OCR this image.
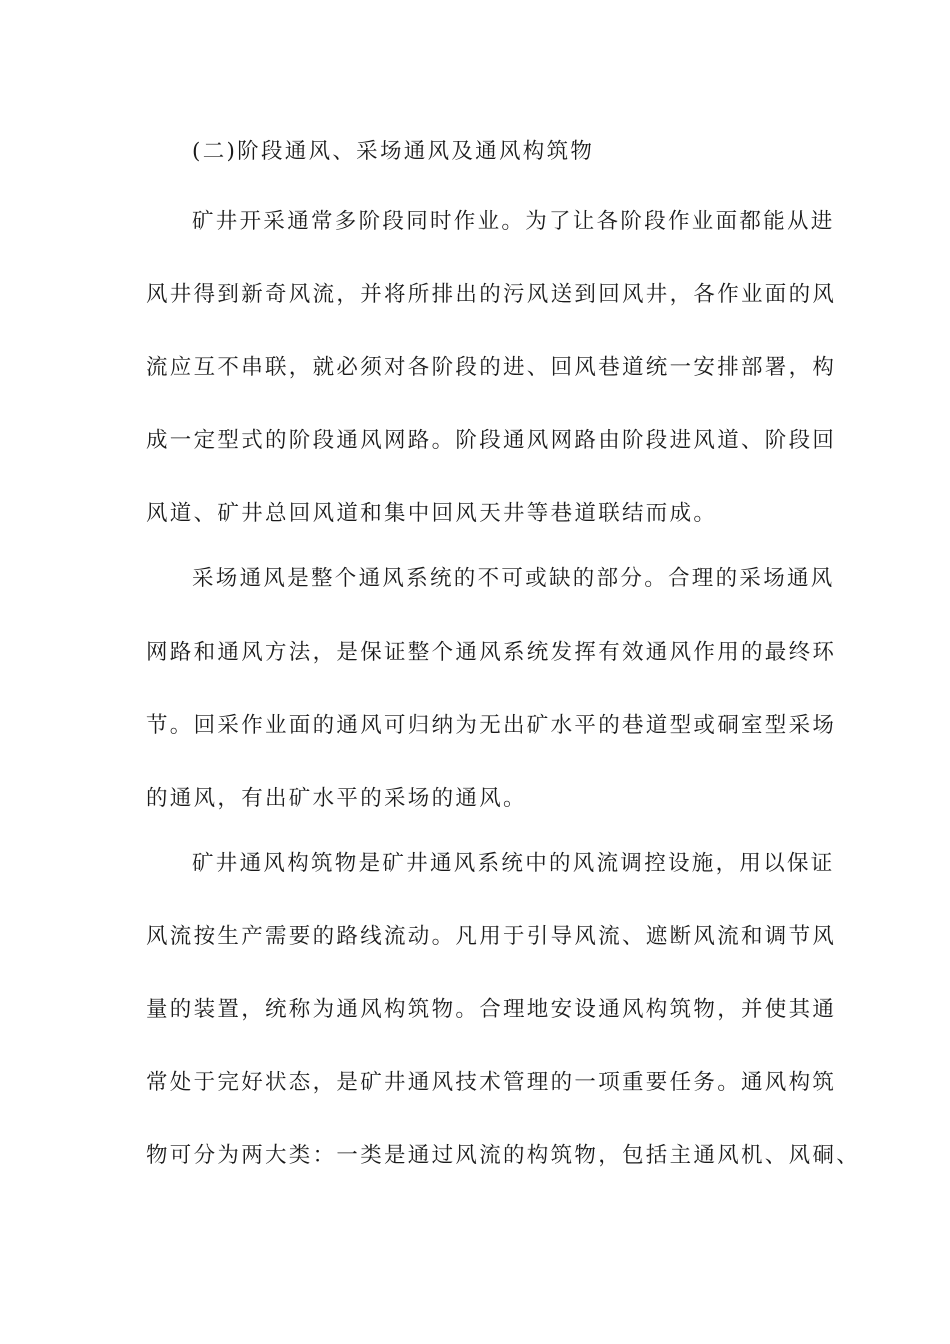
(二)阶段通风、采场通风及通风构筑物
矿井开采通常多阶段同时作业。为了让各阶段作业面都能从进
风井得到新奇风流，并将所排出的污风送到回风井，各作业面的风
流应互不串联，就必须对各阶段的进、回风巷道统一安排部署，构
成一定型式的阶段通风网路。阶段通风网路由阶段进风道、阶段回
风道、矿井总回风道和集中回风天井等巷道联结而成。
采场通风是整个通风系统的不可或缺的部分。合理的采场通风
网路和通风方法，是保证整个通风系统发挥有效通风作用的最终环
节。回采作业面的通风可归纳为无出矿水平的巷道型或硐室型采场
的通风，有出矿水平的采场的通风。
矿井通风构筑物是矿井通风系统中的风流调控设施，用以保证
风流按生产需要的路线流动。凡用于引导风流、遮断风流和调节风
量的装置，统称为通风构筑物。合理地安设通风构筑物，并使其通
常处于完好状态，是矿井通风技术管理的一项重要任务。通风构筑
物可分为两大类：一类是通过风流的构筑物，包括主通风机、风硐、
